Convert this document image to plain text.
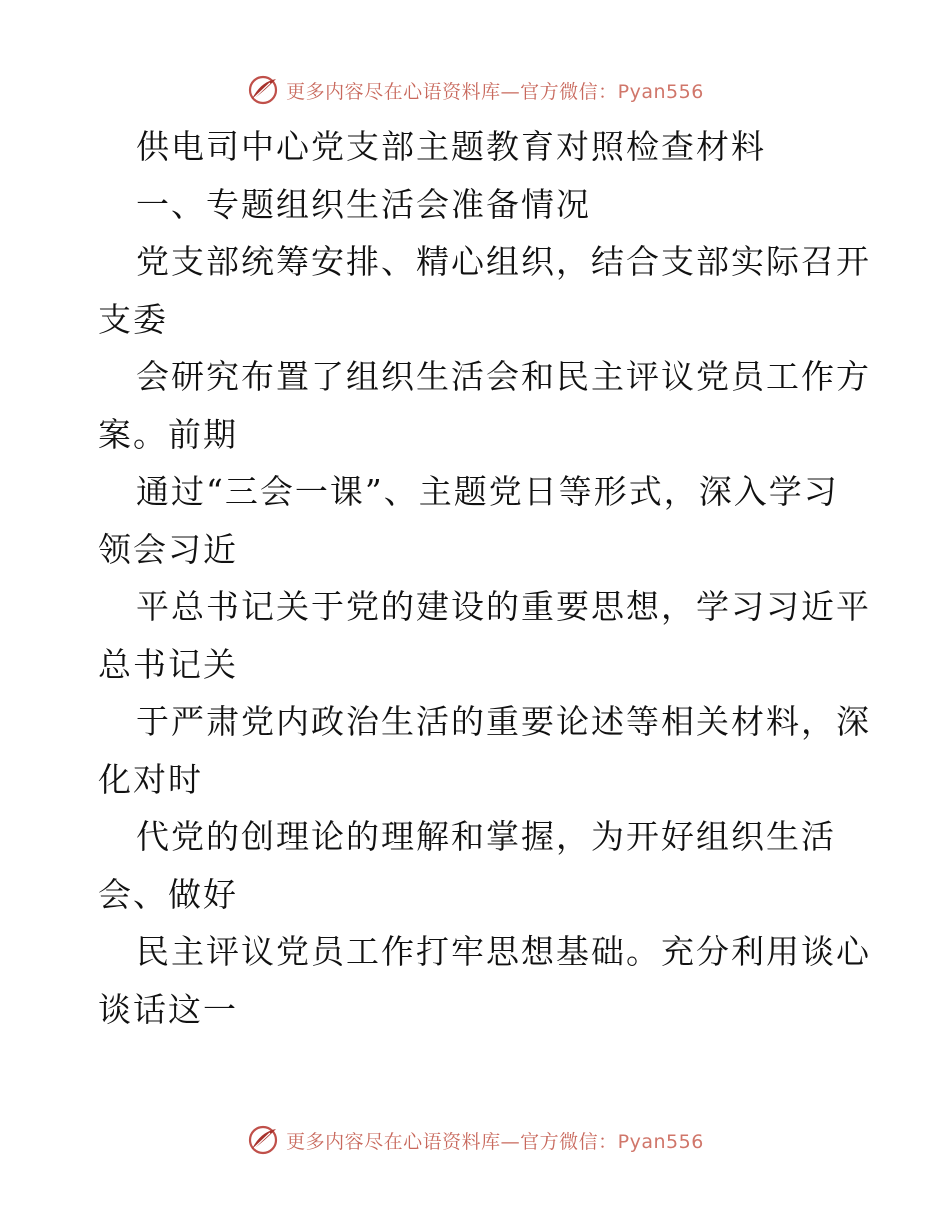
更多内容尽在心语资料库—官方微信：Pyan556
供电司中心党支部主题教育对照检查材料
一、专题组织生活会准备情况
党支部统筹安排、精心组织，结合支部实际召开
支委
会研究布置了组织生活会和民主评议党员工作方
案。前期
通过“三会一课”、主题党日等形式，深入学习
领会习近
平总书记关于党的建设的重要思想，学习习近平
总书记关
于严肃党内政治生活的重要论述等相关材料，深
化对时
代党的创理论的理解和掌握，为开好组织生活
会、做好
民主评议党员工作打牢思想基础。充分利用谈心
谈话这一
更多内容尽在心语资料库—官方微信：Pyan556
